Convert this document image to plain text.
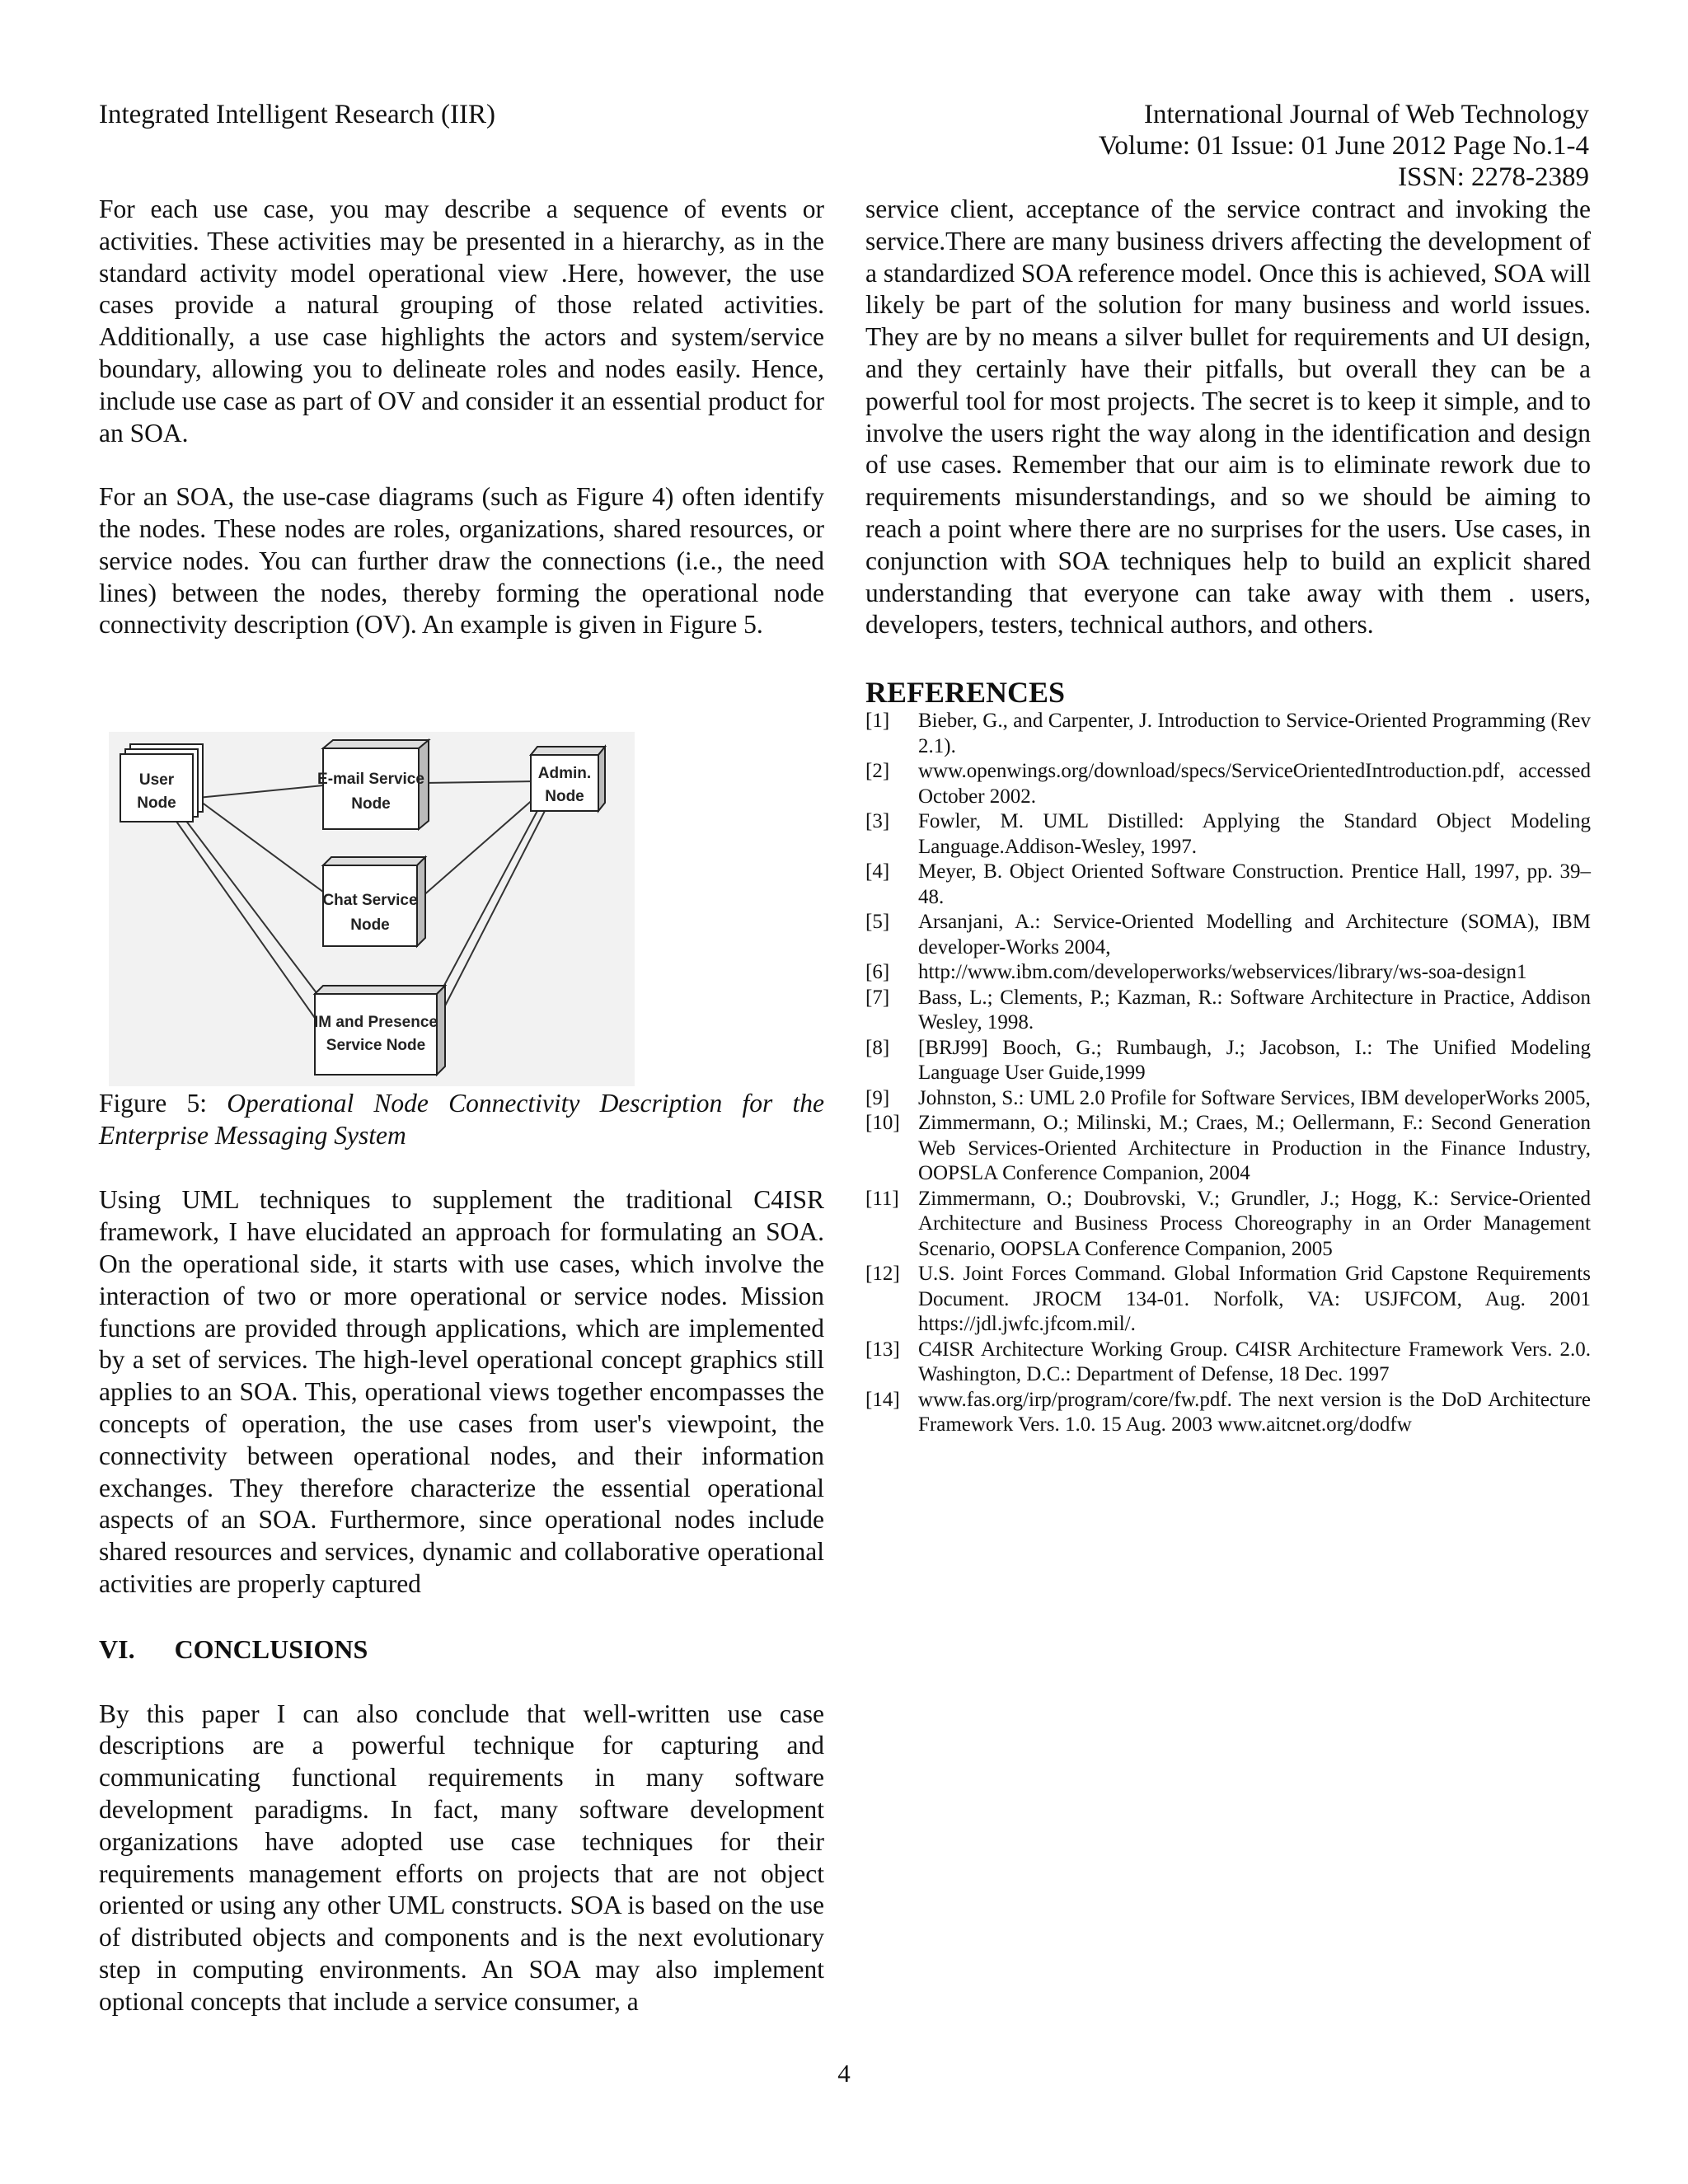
Integrated Intelligent Research (IIR)	International Journal of Web Technology
Volume: 01 Issue: 01 June 2012 Page No.1-4
ISSN: 2278-2389

For each use case, you may describe a sequence of events or activities. These activities may be presented in a hierarchy, as in the standard activity model operational view .Here, however, the use cases provide a natural grouping of those related activities. Additionally, a use case highlights the actors and system/service boundary, allowing you to delineate roles and nodes easily. Hence, include use case as part of OV and consider it an essential product for an SOA.

For an SOA, the use-case diagrams (such as Figure 4) often identify the nodes. These nodes are roles, organizations, shared resources, or service nodes. You can further draw the connections (i.e., the need lines) between the nodes, thereby forming the operational node connectivity description (OV). An example is given in Figure 5.

User
Node
E-mail Service
Node
Admin.
Node
Chat Service
Node
IM and Presence
Service Node

Figure 5: Operational Node Connectivity Description for the Enterprise Messaging System

Using UML techniques to supplement the traditional C4ISR framework, I have elucidated an approach for formulating an SOA. On the operational side, it starts with use cases, which involve the interaction of two or more operational or service nodes. Mission functions are provided through applications, which are implemented by a set of services. The high-level operational concept graphics still applies to an SOA. This, operational views together encompasses the concepts of operation, the use cases from user's viewpoint, the connectivity between operational nodes, and their information exchanges. They therefore characterize the essential operational aspects of an SOA. Furthermore, since operational nodes include shared resources and services, dynamic and collaborative operational activities are properly captured

VI. CONCLUSIONS

By this paper I can also conclude that well-written use case descriptions are a powerful technique for capturing and communicating functional requirements in many software development paradigms. In fact, many software development organizations have adopted use case techniques for their requirements management efforts on projects that are not object oriented or using any other UML constructs. SOA is based on the use of distributed objects and components and is the next evolutionary step in computing environments. An SOA may also implement optional concepts that include a service consumer, a

service client, acceptance of the service contract and invoking the service.There are many business drivers affecting the development of a standardized SOA reference model. Once this is achieved, SOA will likely be part of the solution for many business and world issues. They are by no means a silver bullet for requirements and UI design, and they certainly have their pitfalls, but overall they can be a powerful tool for most projects. The secret is to keep it simple, and to involve the users right the way along in the identification and design of use cases. Remember that our aim is to eliminate rework due to requirements misunderstandings, and so we should be aiming to reach a point where there are no surprises for the users. Use cases, in conjunction with SOA techniques help to build an explicit shared understanding that everyone can take away with them . users, developers, testers, technical authors, and others.

REFERENCES

[1]	Bieber, G., and Carpenter, J. Introduction to Service-Oriented Programming (Rev 2.1).
[2]	www.openwings.org/download/specs/ServiceOrientedIntroduction.pdf, accessed October 2002.
[3]	Fowler, M. UML Distilled: Applying the Standard Object Modeling Language.Addison-Wesley, 1997.
[4]	Meyer, B. Object Oriented Software Construction. Prentice Hall, 1997, pp. 39–48.
[5]	Arsanjani, A.: Service-Oriented Modelling and Architecture (SOMA), IBM developer-Works 2004,
[6]	http://www.ibm.com/developerworks/webservices/library/ws-soa-design1
[7]	Bass, L.; Clements, P.; Kazman, R.: Software Architecture in Practice, Addison Wesley, 1998.
[8]	[BRJ99] Booch, G.; Rumbaugh, J.; Jacobson, I.: The Unified Modeling Language User Guide,1999
[9]	Johnston, S.: UML 2.0 Profile for Software Services, IBM developerWorks 2005,
[10] Zimmermann, O.; Milinski, M.; Craes, M.; Oellermann, F.: Second Generation Web Services-Oriented Architecture in Production in the Finance Industry, OOPSLA Conference Companion, 2004
[11] Zimmermann, O.; Doubrovski, V.; Grundler, J.; Hogg, K.: Service-Oriented Architecture and Business Process Choreography in an Order Management Scenario, OOPSLA Conference Companion, 2005
[12] U.S. Joint Forces Command. Global Information Grid Capstone Requirements Document. JROCM 134-01. Norfolk, VA: USJFCOM, Aug. 2001 https://jdl.jwfc.jfcom.mil/.
[13] C4ISR Architecture Working Group. C4ISR Architecture Framework Vers. 2.0. Washington, D.C.: Department of Defense, 18 Dec. 1997
[14] www.fas.org/irp/program/core/fw.pdf. The next version is the DoD Architecture Framework Vers. 1.0. 15 Aug. 2003 www.aitcnet.org/dodfw
4
